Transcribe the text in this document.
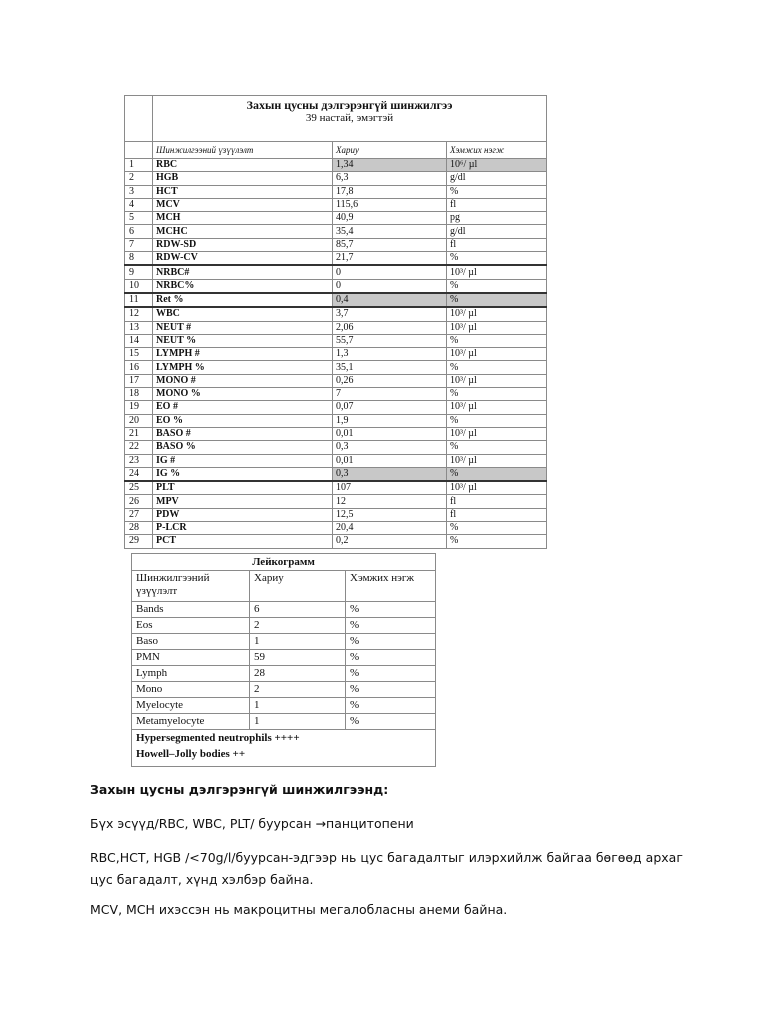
	Захын цусны дэлгэрэнгүй шинжилгээ
39 настай, эмэгтэй		

	Шинжилгээний үзүүлэлт	Хариу	Хэмжих нэгж
1	RBC	1,34	10⁶/ µl
2	HGB	6,3	g/dl
3	HCT	17,8	%
4	MCV	115,6	fl
5	MCH	40,9	pg
6	MCHC	35,4	g/dl
7	RDW-SD	85,7	fl
8	RDW-CV	21,7	%
9	NRBC#	0	10³/ µl
10	NRBC%	0	%
11	Ret %	0,4	%
12	WBC	3,7	10³/ µl
13	NEUT #	2,06	10³/ µl
14	NEUT %	55,7	%
15	LYMPH #	1,3	10³/ µl
16	LYMPH %	35,1	%
17	MONO #	0,26	10³/ µl
18	MONO %	7	%
19	EO #	0,07	10³/ µl
20	EO %	1,9	%
21	BASO #	0,01	10³/ µl
22	BASO %	0,3	%
23	IG #	0,01	10³/ µl
24	IG %	0,3	%
25	PLT	107	10³/ µl
26	MPV	12	fl
27	PDW	12,5	fl
28	P-LCR	20,4	%
29	PCT	0,2	%
Лейкограмм		
Шинжилгээний үзүүлэлт	Хариу	Хэмжих нэгж
Bands	6	%
Eos	2	%
Baso	1	%
PMN	59	%
Lymph	28	%
Mono	2	%
Myelocyte	1	%
Metamyelocyte	1	%
Hypersegmented neutrophils ++++		
Howell–Jolly bodies ++		
Захын цусны дэлгэрэнгүй шинжилгээнд:
Бүх эсүүд/RBC, WBC, PLT/ буурсан →панцитопени
RBC,HCT, HGB /<70g/l/буурсан-эдгээр нь цус багадалтыг илэрхийлж байгаа бөгөөд архаг цус багадалт, хүнд хэлбэр байна.
MCV, MCH ихэссэн нь макроцитны мегалобласны анеми байна.
